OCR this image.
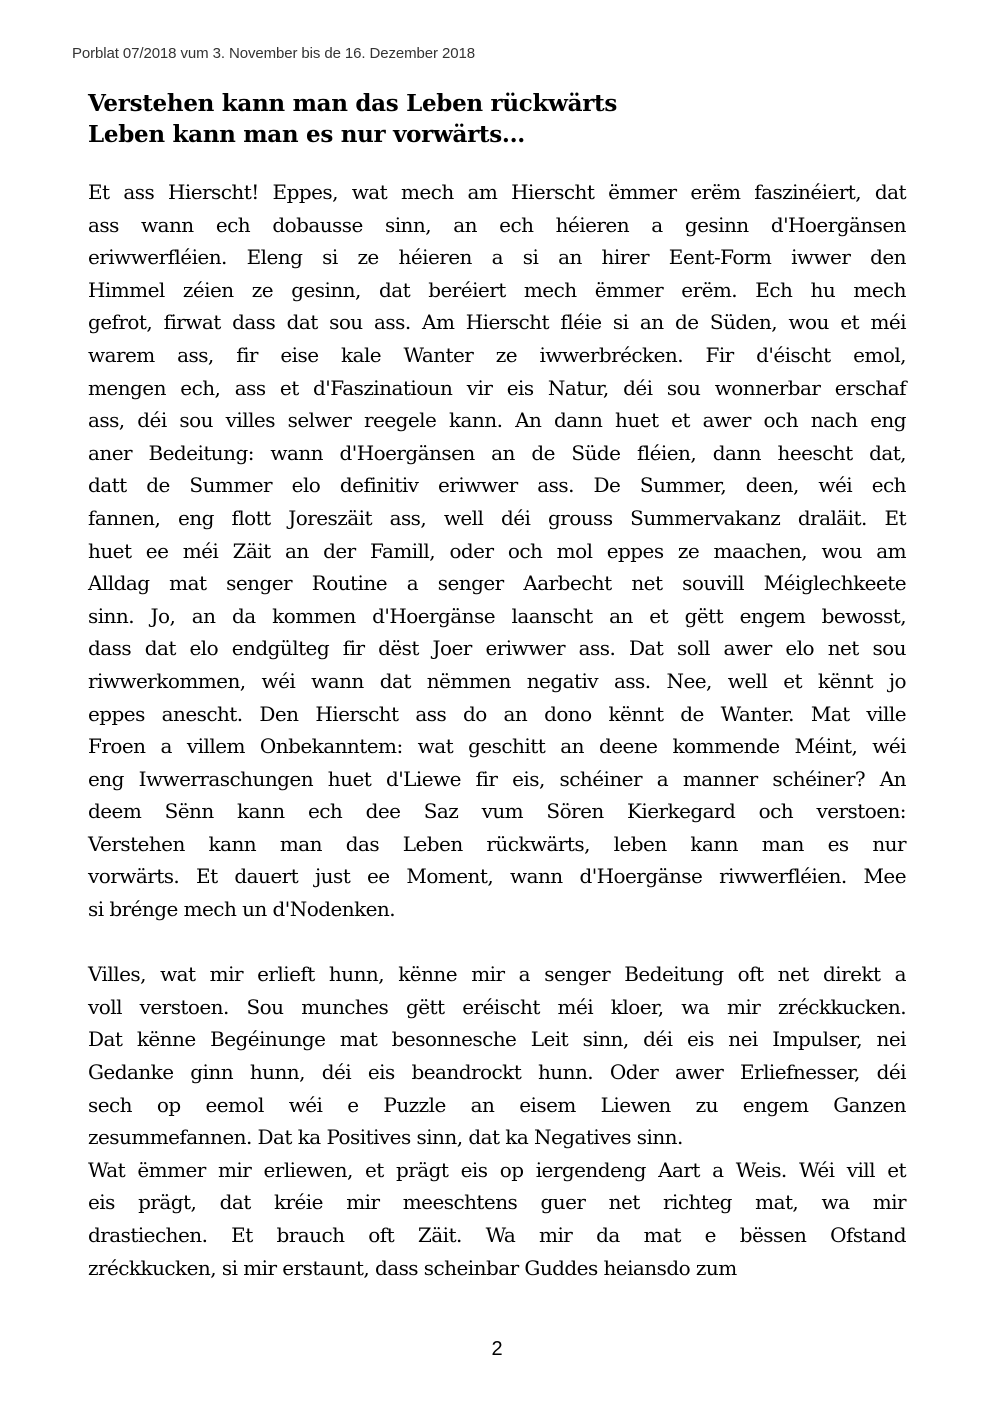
Porblat 07/2018 vum 3. November bis de 16. Dezember 2018
Verstehen kann man das Leben rückwärts
Leben kann man es nur vorwärts...
Et ass Hierscht! Eppes, wat mech am Hierscht ëmmer erëm faszinéiert, dat
ass wann ech dobausse sinn, an ech héieren a gesinn d'Hoergänsen
eriwwerfléien. Eleng si ze héieren a si an hirer Eent-Form iwwer den
Himmel zéien ze gesinn, dat beréiert mech ëmmer erëm. Ech hu mech
gefrot, firwat dass dat sou ass. Am Hierscht fléie si an de Süden, wou et méi
warem ass, fir eise kale Wanter ze iwwerbrécken. Fir d'éischt emol,
mengen ech, ass et d'Faszinatioun vir eis Natur, déi sou wonnerbar erschaf
ass, déi sou villes selwer reegele kann. An dann huet et awer och nach eng
aner Bedeitung: wann d'Hoergänsen an de Süde fléien, dann heescht dat,
datt de Summer elo definitiv eriwwer ass. De Summer, deen, wéi ech
fannen, eng flott Joreszäit ass, well déi grouss Summervakanz draläit. Et
huet ee méi Zäit an der Famill, oder och mol eppes ze maachen, wou am
Alldag mat senger Routine a senger Aarbecht net souvill Méiglechkeete
sinn. Jo, an da kommen d'Hoergänse laanscht an et gëtt engem bewosst,
dass dat elo endgülteg fir dëst Joer eriwwer ass. Dat soll awer elo net sou
riwwerkommen, wéi wann dat nëmmen negativ ass. Nee, well et kënnt jo
eppes anescht. Den Hierscht ass do an dono kënnt de Wanter. Mat ville
Froen a villem Onbekanntem: wat geschitt an deene kommende Méint, wéi
eng Iwwerraschungen huet d'Liewe fir eis, schéiner a manner schéiner? An
deem Sënn kann ech dee Saz vum Sören Kierkegard och verstoen:
Verstehen kann man das Leben rückwärts, leben kann man es nur
vorwärts. Et dauert just ee Moment, wann d'Hoergänse riwwerfléien. Mee
si brénge mech un d'Nodenken.
Villes, wat mir erlieft hunn, kënne mir a senger Bedeitung oft net direkt a
voll verstoen. Sou munches gëtt eréischt méi kloer, wa mir zréckkucken.
Dat kënne Begéinunge mat besonnesche Leit sinn, déi eis nei Impulser, nei
Gedanke ginn hunn, déi eis beandrockt hunn. Oder awer Erliefnesser, déi
sech op eemol wéi e Puzzle an eisem Liewen zu engem Ganzen
zesummefannen. Dat ka Positives sinn, dat ka Negatives sinn.
Wat ëmmer mir erliewen, et prägt eis op iergendeng Aart a Weis. Wéi vill et
eis prägt, dat kréie mir meeschtens guer net richteg mat, wa mir
drastiechen. Et brauch oft Zäit. Wa mir da mat e bëssen Ofstand
zréckkucken, si mir erstaunt, dass scheinbar Guddes heiansdo zum
2
